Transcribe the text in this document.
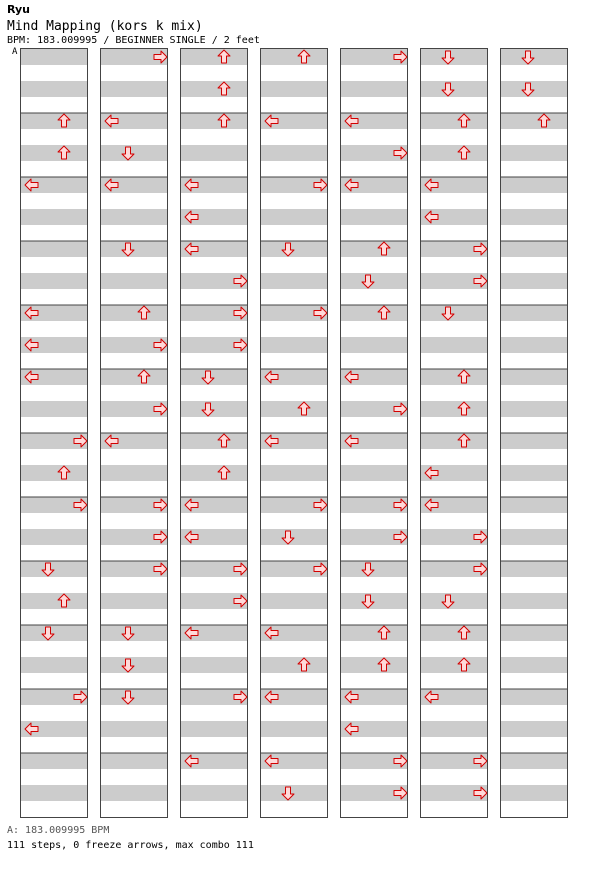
Ryu
Mind Mapping (kors k mix)
BPM: 183.009995 / BEGINNER SINGLE / 2 feet
A
A: 183.009995 BPM
111 steps, 0 freeze arrows, max combo 111
